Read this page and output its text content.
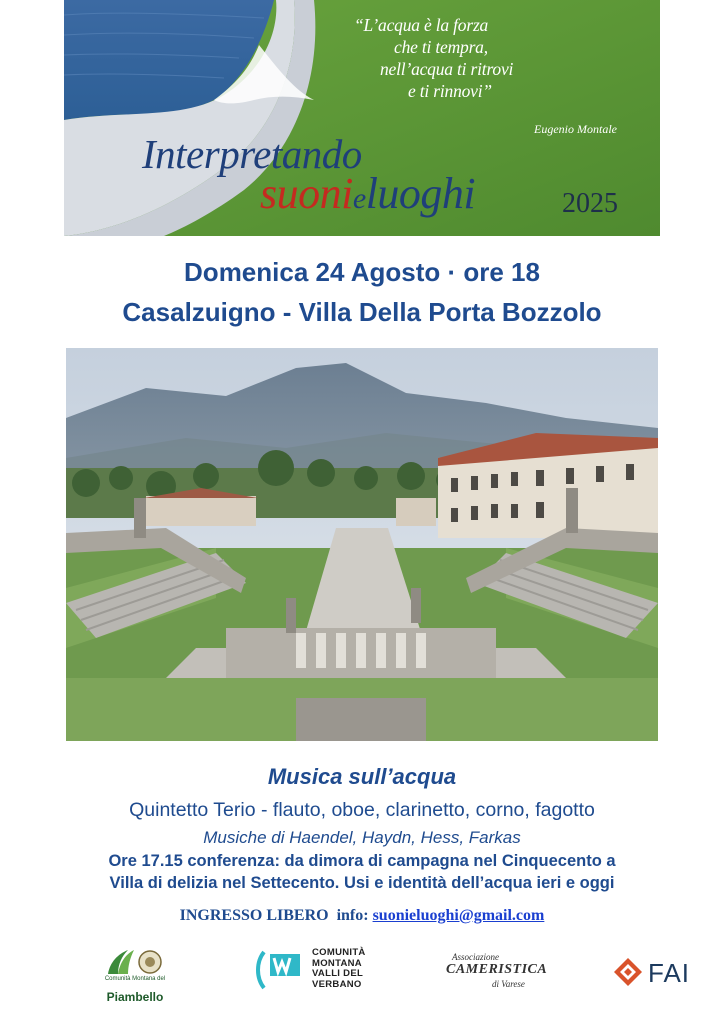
“L’acqua è la forza
che ti tempra,
nell’acqua ti ritrovi
e ti rinnovi”
Eugenio Montale
Interpretando
suonieluoghi	2025
Domenica 24 Agosto · ore 18
Casalzuigno - Villa Della Porta Bozzolo
Musica sull’acqua
Quintetto Terio - flauto, oboe, clarinetto, corno, fagotto
Musiche di Haendel, Haydn, Hess, Farkas
Ore 17.15 conferenza: da dimora di campagna nel Cinquecento a
Villa di delizia nel Settecento. Usi e identità dell’acqua ieri e oggi
INGRESSO LIBERO info: suonieluoghi@gmail.com
Comunità Montana del
Piambello
COMUNITÀ
MONTANA
VALLI DEL
VERBANO
Associazione
CAMERISTICA
di Varese	FAI
